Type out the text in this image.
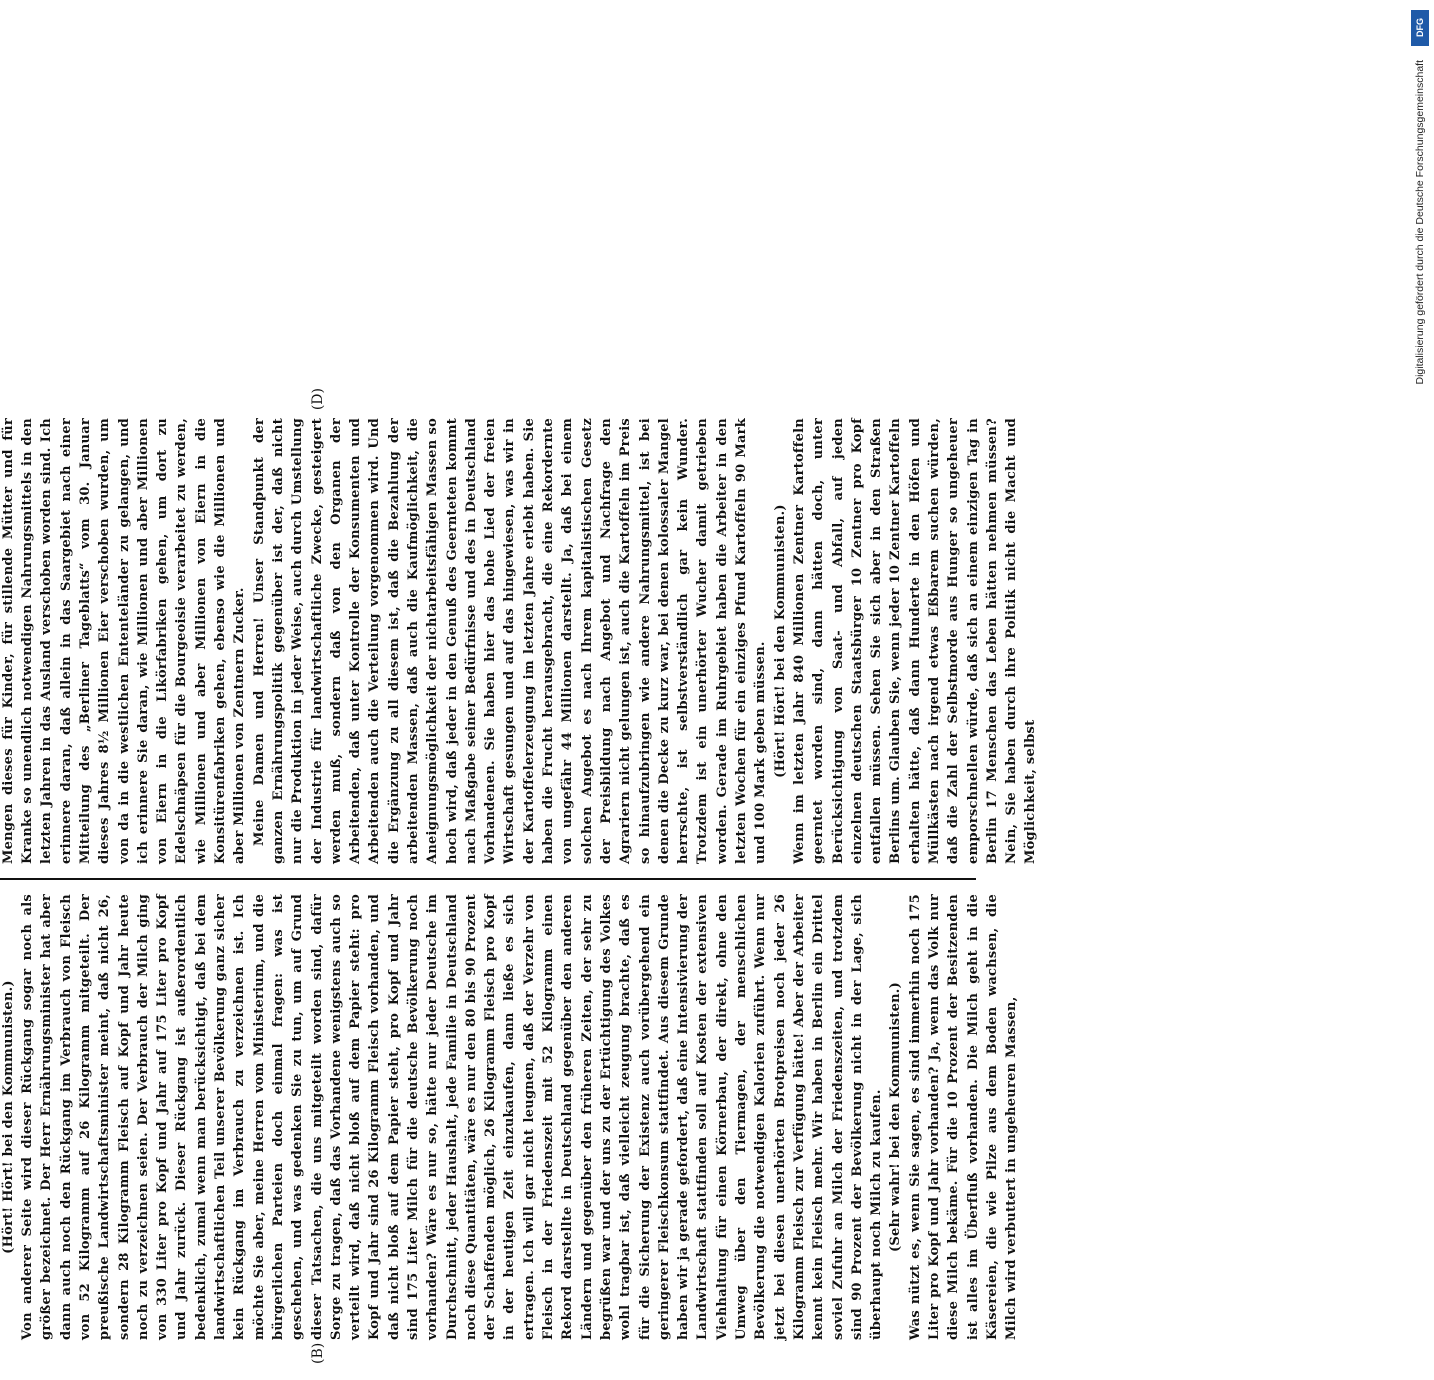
(B)
(D)

(Hört! Hört! bei den Kommunisten.) Von anderer Seite wird dieser Rückgang sogar noch als größer bezeichnet. Der Herr Ernährungsminister hat aber dann auch noch den Rückgang im Verbrauch von Fleisch von 52 Kilogramm auf 26 Kilogramm mitgeteilt. Der preußische Landwirtschaftsminister meint, daß nicht 26, sondern 28 Kilogramm Fleisch auf Kopf und Jahr heute noch zu verzeichnen seien. Der Verbrauch der Milch ging von 330 Liter pro Kopf und Jahr auf 175 Liter pro Kopf und Jahr zurück. Dieser Rückgang ist außerordentlich bedenklich, zumal wenn man berücksichtigt, daß bei dem landwirtschaftlichen Teil unserer Bevölkerung ganz sicher kein Rückgang im Verbrauch zu verzeichnen ist. Ich möchte Sie aber, meine Herren vom Ministerium, und die bürgerlichen Parteien doch einmal fragen: was ist geschehen, und was gedenken Sie zu tun, um auf Grund dieser Tatsachen, die uns mitgeteilt worden sind, dafür Sorge zu tragen, daß das Vorhandene wenigstens auch so verteilt wird, daß nicht bloß auf dem Papier steht: pro Kopf und Jahr sind 26 Kilogramm Fleisch vorhanden, und daß nicht bloß auf dem Papier steht, pro Kopf und Jahr sind 175 Liter Milch für die deutsche Bevölkerung noch vorhanden? Wäre es nur so, hätte nur jeder Deutsche im Durchschnitt, jeder Haushalt, jede Familie in Deutschland noch diese Quantitäten, wäre es nur den 80 bis 90 Prozent der Schaffenden möglich, 26 Kilogramm Fleisch pro Kopf in der heutigen Zeit einzukaufen, dann ließe es sich ertragen. Ich will gar nicht leugnen, daß der Verzehr von Fleisch in der Friedenszeit mit 52 Kilogramm einen Rekord darstellte in Deutschland gegenüber den anderen Ländern und gegenüber den früheren Zeiten, der sehr zu begrüßen war und der uns zu der Ertüchtigung des Volkes wohl tragbar ist, daß vielleicht zeugung brachte, daß es für die Sicherung der Existenz auch vorübergehend ein geringerer Fleischkonsum stattfindet. Aus diesem Grunde haben wir ja gerade gefordert, daß eine Intensivierung der Landwirtschaft stattfinden soll auf Kosten der extensiven Viehhaltung für einen Körnerbau, der direkt, ohne den Umweg über den Tiermagen, der menschlichen Bevölkerung die notwendigen Kalorien zuführt. Wenn nur jetzt bei diesen unerhörten Brotpreisen noch jeder 26 Kilogramm Fleisch zur Verfügung hätte! Aber der Arbeiter kennt kein Fleisch mehr. Wir haben in Berlin ein Drittel soviel Zufuhr an Milch der Friedenszeiten, und trotzdem sind 90 Prozent der Bevölkerung nicht in der Lage, sich überhaupt noch Milch zu kaufen. (Sehr wahr! bei den Kommunisten.) Was nützt es, wenn Sie sagen, es sind immerhin noch 175 Liter pro Kopf und Jahr vorhanden? Ja, wenn das Volk nur diese Milch bekäme. Für die 10 Prozent der Besitzenden ist alles im Überfluß vorhanden. Die Milch geht in die Käsereien, die wie Pilze aus dem Boden wachsen, die Milch wird verbuttert in ungeheuren Massen,

Mengen dieses für Kinder, für stillende Mütter und für Kranke so unendlich notwendigen Nahrungsmittels in den letzten Jahren in das Ausland verschoben worden sind. Ich erinnere daran, daß allein in das Saargebiet nach einer Mitteilung des „Berliner Tageblatts“ vom 30. Januar dieses Jahres 8½ Millionen Eier verschoben wurden, um von da in die westlichen Ententeländer zu gelangen, und ich erinnere Sie daran, wie Millionen und aber Millionen von Eiern in die Likörfabriken gehen, um dort zu Edelschnäpsen für die Bourgeoisie verarbeitet zu werden, wie Millionen und aber Millionen von Eiern in die Konsitürenfabriken gehen, ebenso wie die Millionen und aber Millionen von Zentnern Zucker. Meine Damen und Herren! Unser Standpunkt der ganzen Ernährungspolitik gegenüber ist der, daß nicht nur die Produktion in jeder Weise, auch durch Umstellung der Industrie für landwirtschaftliche Zwecke, gesteigert werden muß, sondern daß von den Organen der Arbeitenden, daß unter Kontrolle der Konsumenten und Arbeitenden auch die Verteilung vorgenommen wird. Und die Ergänzung zu all diesem ist, daß die Bezahlung der arbeitenden Massen, daß auch die Kaufmöglichkeit, die Aneignungsmöglichkeit der nichtarbeitsfähigen Massen so hoch wird, daß jeder in den Genuß des Geernteten kommt nach Maßgabe seiner Bedürfnisse und des in Deutschland Vorhandenen. Sie haben hier das hohe Lied der freien Wirtschaft gesungen und auf das hingewiesen, was wir in der Kartoffelerzeugung im letzten Jahre erlebt haben. Sie haben die Frucht herausgebracht, die eine Rekordernte von ungefähr 44 Millionen darstellt. Ja, daß bei einem solchen Angebot es nach Ihrem kapitalistischen Gesetz der Preisbildung nach Angebot und Nachfrage den Agrariern nicht gelungen ist, auch die Kartoffeln im Preis so hinaufzubringen wie andere Nahrungsmittel, ist bei denen die Decke zu kurz war, bei denen kolossaler Mangel herrschte, ist selbstverständlich gar kein Wunder. Trotzdem ist ein unerhörter Wucher damit getrieben worden. Gerade im Ruhrgebiet haben die Arbeiter in den letzten Wochen für ein einziges Pfund Kartoffeln 90 Mark und 100 Mark geben müssen. (Hört! Hört! bei den Kommunisten.) Wenn im letzten Jahr 840 Millionen Zentner Kartoffeln geerntet worden sind, dann hätten doch, unter Berücksichtigung von Saat- und Abfall, auf jeden einzelnen deutschen Staatsbürger 10 Zentner pro Kopf entfallen müssen. Sehen Sie sich aber in den Straßen Berlins um. Glauben Sie, wenn jeder 10 Zentner Kartoffeln erhalten hätte, daß dann Hunderte in den Höfen und Müllkästen nach irgend etwas Eßbarem suchen würden, daß die Zahl der Selbstmorde aus Hunger so ungeheuer emporschnellen würde, daß sich an einem einzigen Tag in Berlin 17 Menschen das Leben hätten nehmen müssen? Nein, Sie haben durch ihre Politik nicht die Macht und Möglichkeit, selbst

DFG
Digitalisierung gefördert durch die Deutsche Forschungsgemeinschaft
